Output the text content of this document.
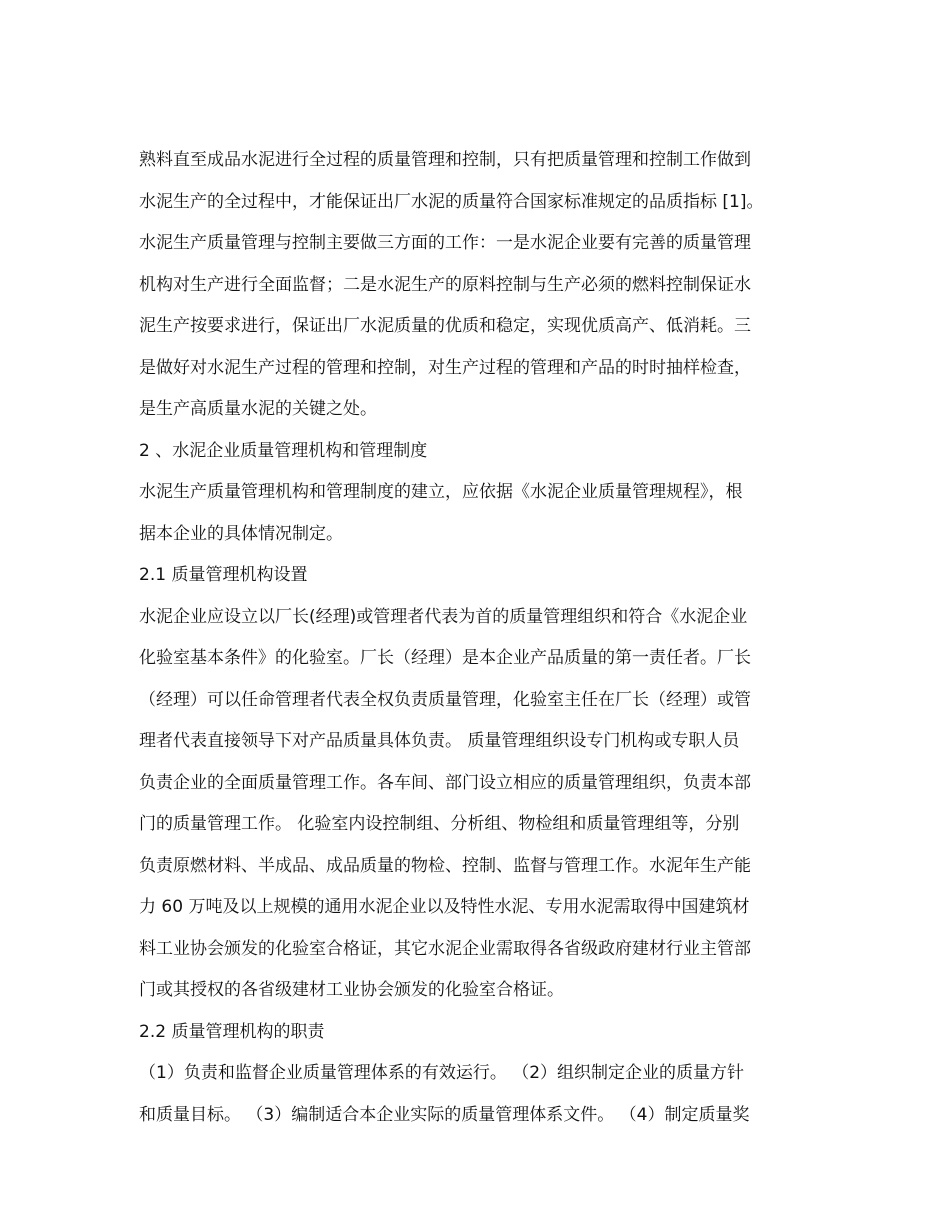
熟料直至成品水泥进行全过程的质量管理和控制，只有把质量管理和控制工作做到
水泥生产的全过程中，才能保证出厂水泥的质量符合国家标准规定的品质指标 [1]。
水泥生产质量管理与控制主要做三方面的工作：一是水泥企业要有完善的质量管理
机构对生产进行全面监督；二是水泥生产的原料控制与生产必须的燃料控制保证水
泥生产按要求进行，保证出厂水泥质量的优质和稳定，实现优质高产、低消耗。三
是做好对水泥生产过程的管理和控制，对生产过程的管理和产品的时时抽样检查，
是生产高质量水泥的关键之处。
2 、水泥企业质量管理机构和管理制度
水泥生产质量管理机构和管理制度的建立，应依据《水泥企业质量管理规程》，根
据本企业的具体情况制定。
2.1 质量管理机构设置
水泥企业应设立以厂长(经理)或管理者代表为首的质量管理组织和符合《水泥企业
化验室基本条件》的化验室。厂长（经理）是本企业产品质量的第一责任者。厂长
（经理）可以任命管理者代表全权负责质量管理，化验室主任在厂长（经理）或管
理者代表直接领导下对产品质量具体负责。 质量管理组织设专门机构或专职人员
负责企业的全面质量管理工作。各车间、部门设立相应的质量管理组织，负责本部
门的质量管理工作。 化验室内设控制组、分析组、物检组和质量管理组等，分别
负责原燃材料、半成品、成品质量的物检、控制、监督与管理工作。水泥年生产能
力 60 万吨及以上规模的通用水泥企业以及特性水泥、专用水泥需取得中国建筑材
料工业协会颁发的化验室合格证，其它水泥企业需取得各省级政府建材行业主管部
门或其授权的各省级建材工业协会颁发的化验室合格证。
2.2 质量管理机构的职责
（1）负责和监督企业质量管理体系的有效运行。 （2）组织制定企业的质量方针
和质量目标。 （3）编制适合本企业实际的质量管理体系文件。 （4）制定质量奖
